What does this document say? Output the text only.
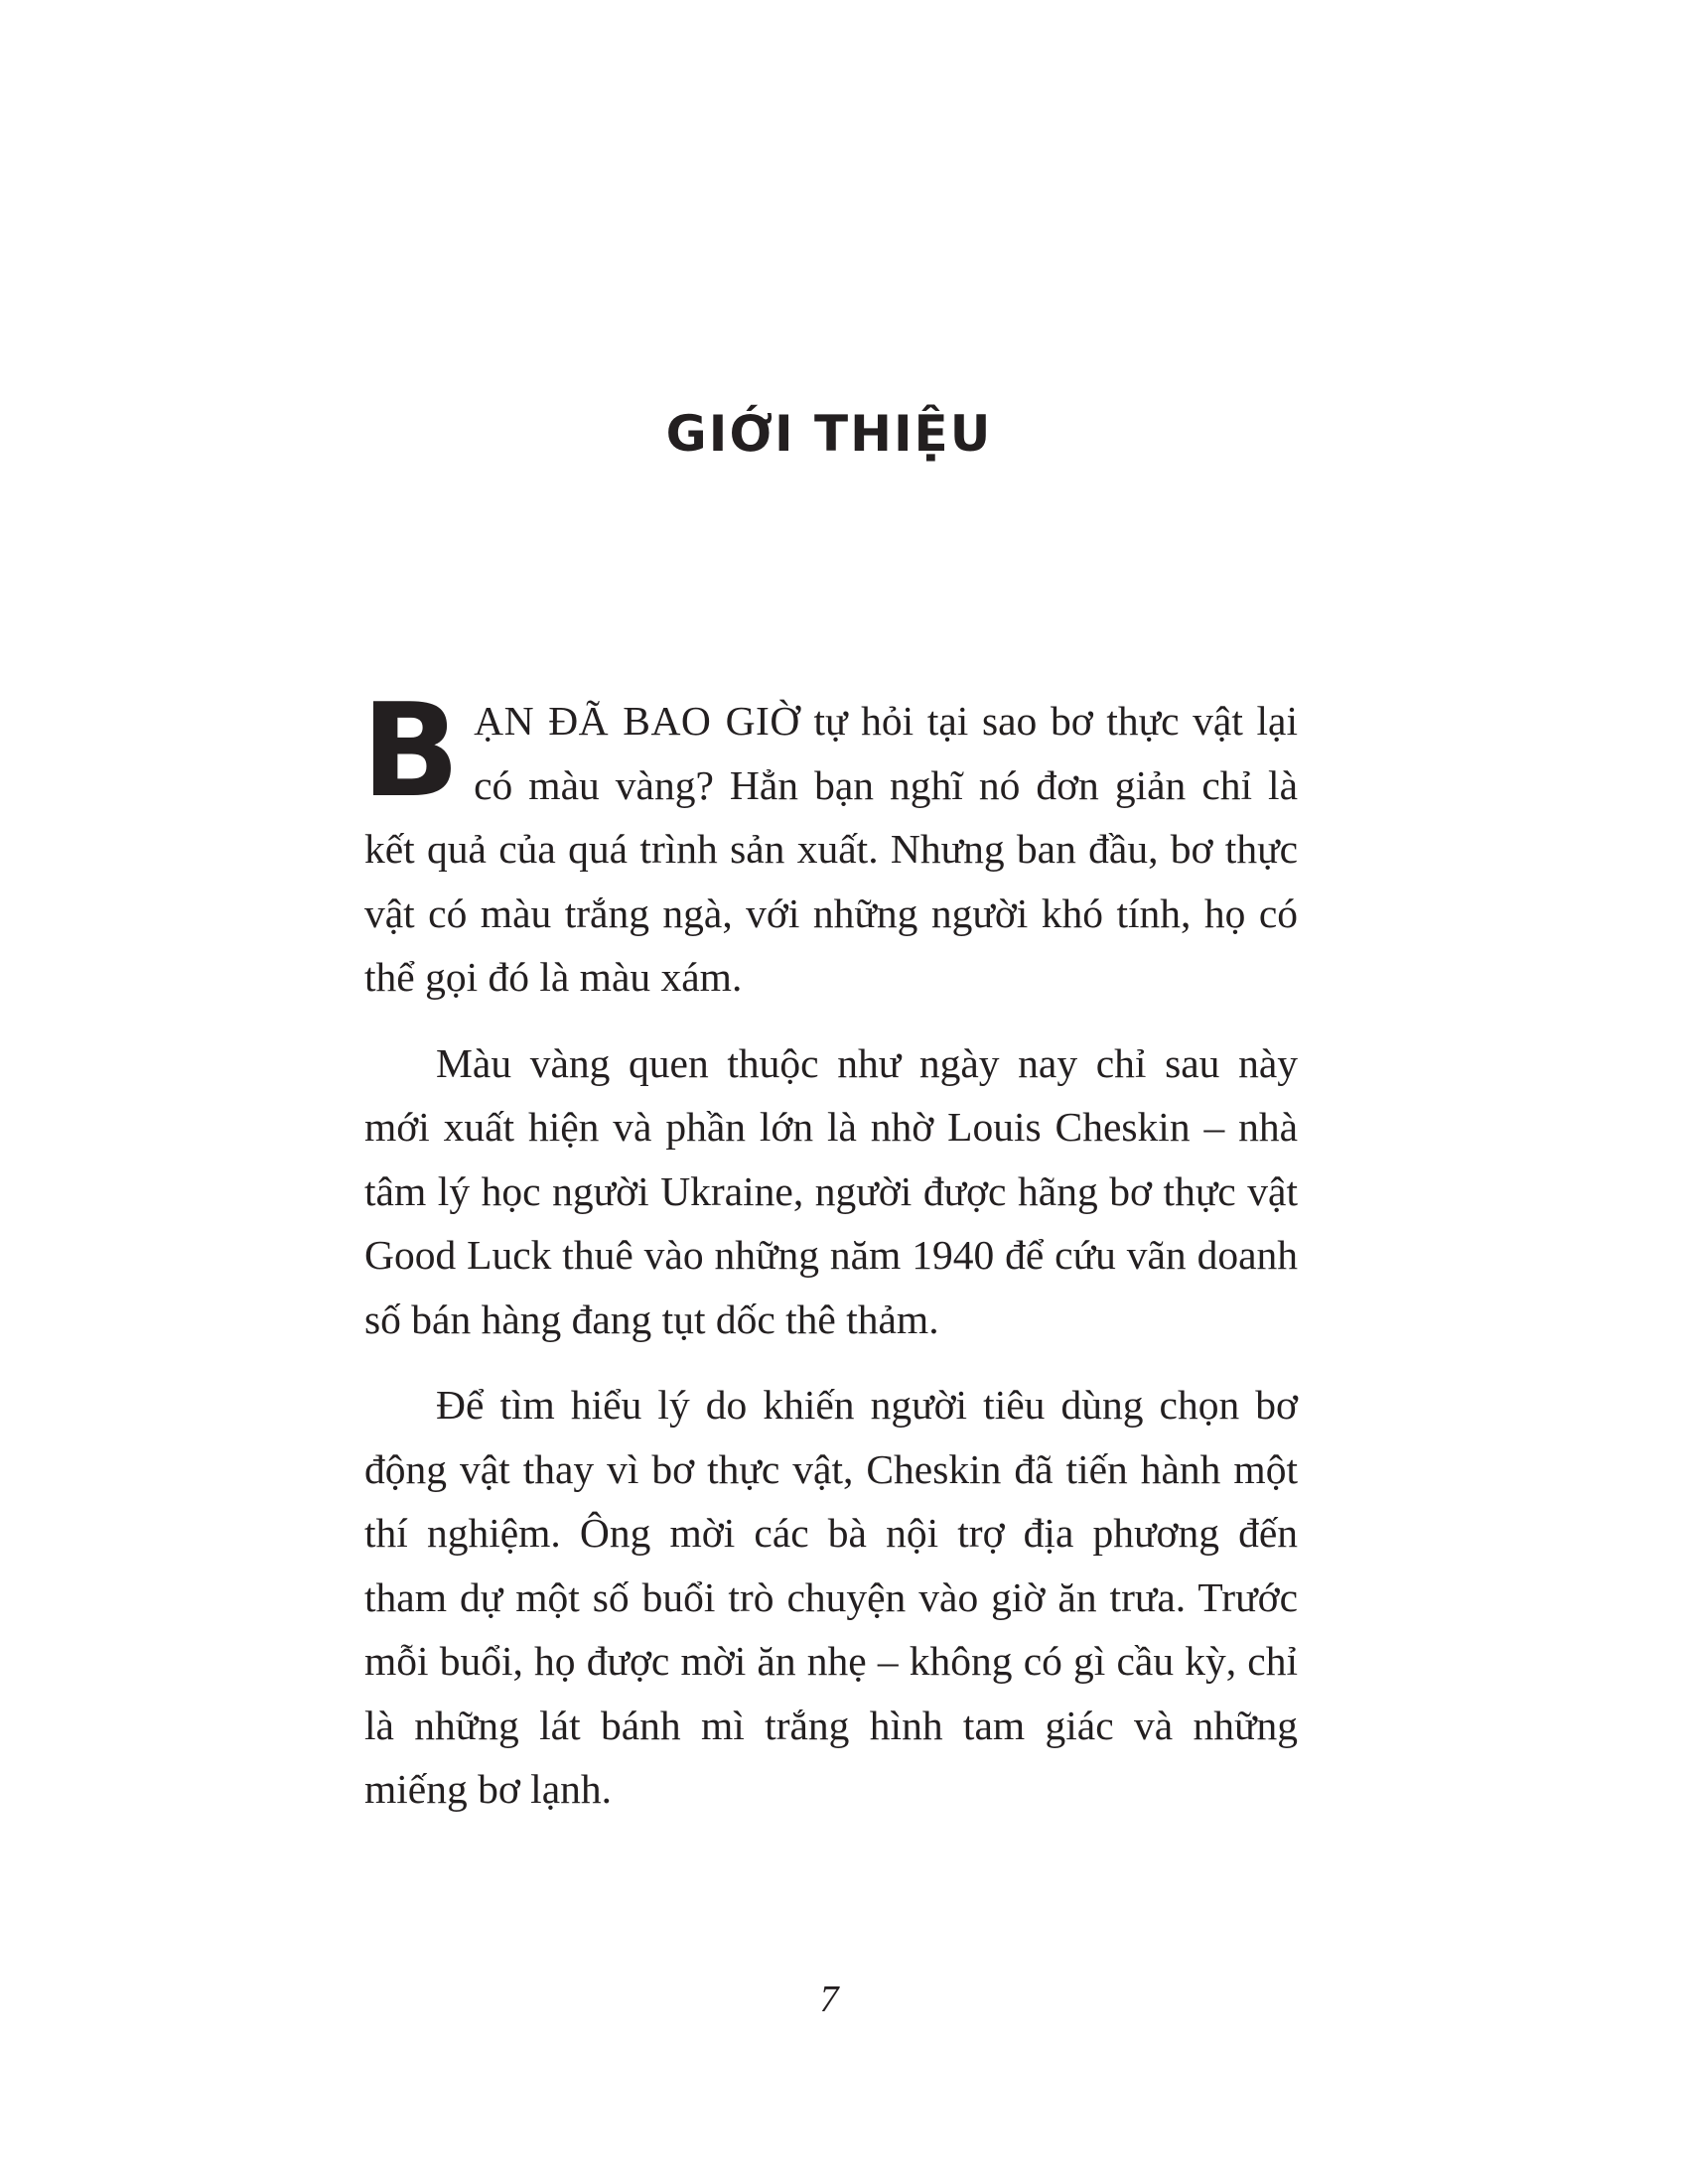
GIỚI THIỆU

BẠN ĐÃ BAO GIỜ tự hỏi tại sao bơ thực vật lại có màu vàng? Hẳn bạn nghĩ nó đơn giản chỉ là kết quả của quá trình sản xuất. Nhưng ban đầu, bơ thực vật có màu trắng ngà, với những người khó tính, họ có thể gọi đó là màu xám.

Màu vàng quen thuộc như ngày nay chỉ sau này mới xuất hiện và phần lớn là nhờ Louis Cheskin – nhà tâm lý học người Ukraine, người được hãng bơ thực vật Good Luck thuê vào những năm 1940 để cứu vãn doanh số bán hàng đang tụt dốc thê thảm.

Để tìm hiểu lý do khiến người tiêu dùng chọn bơ động vật thay vì bơ thực vật, Cheskin đã tiến hành một thí nghiệm. Ông mời các bà nội trợ địa phương đến tham dự một số buổi trò chuyện vào giờ ăn trưa. Trước mỗi buổi, họ được mời ăn nhẹ – không có gì cầu kỳ, chỉ là những lát bánh mì trắng hình tam giác và những miếng bơ lạnh.

7
